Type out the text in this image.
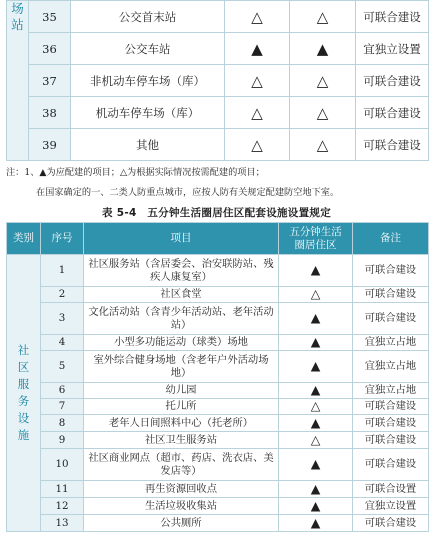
场站	35	公交首末站	△	△	可联合建设
	36	公交车站	▲	▲	宜独立设置
	37	非机动车停车场（库）	△	△	可联合建设
	38	机动车停车场（库）	△	△	可联合建设
	39	其他	△	△	可联合建设
注：1、▲为应配建的项目；△为根据实际情况按需配建的项目；
在国家确定的一、二类人防重点城市，应按人防有关规定配建防空地下室。
表 5-4　五分钟生活圈居住区配套设施设置规定
类别	序号	项目	五分钟生活圈居住区	备注

社区服务设施	1	社区服务站（含居委会、治安联防站、残疾人康复室）	▲	可联合建设
	2	社区食堂	△	可联合建设
	3	文化活动站（含青少年活动站、老年活动站）	▲	可联合建设
	4	小型多功能运动（球类）场地	▲	宜独立占地
	5	室外综合健身场地（含老年户外活动场地）	▲	宜独立占地
	6	幼儿园	▲	宜独立占地
	7	托儿所	△	可联合建设
	8	老年人日间照料中心（托老所）	▲	可联合建设
	9	社区卫生服务站	△	可联合建设
	10	社区商业网点（超市、药店、洗衣店、美发店等）	▲	可联合建设
	11	再生资源回收点	▲	可联合设置
	12	生活垃圾收集站	▲	宜独立设置
	13	公共厕所	▲	可联合建设
